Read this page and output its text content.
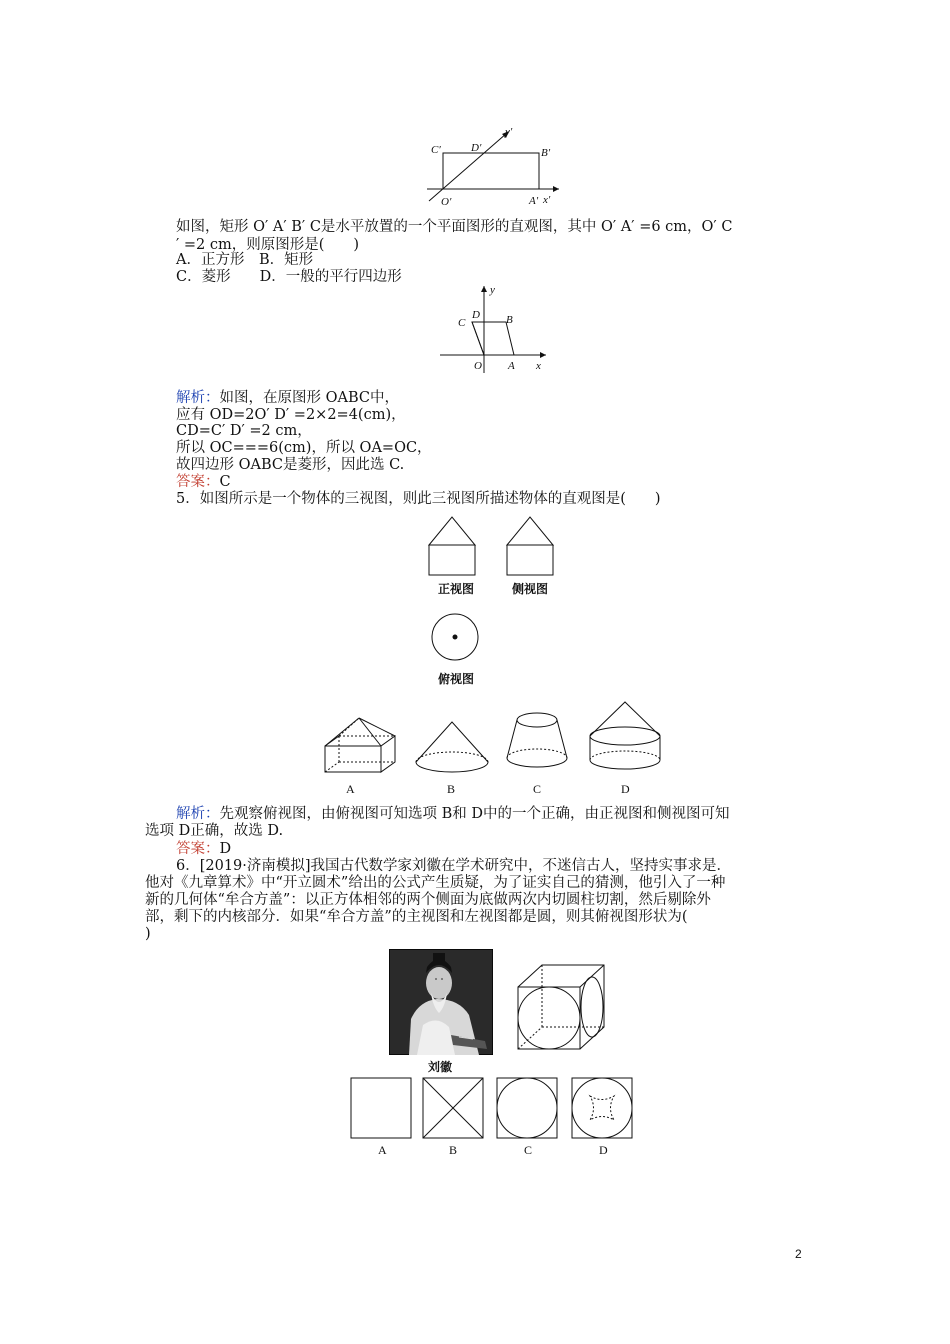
C′	D′	B′
O′	A′ x′
y′
如图，矩形 O′ A′ B′ C是水平放置的一个平面图形的直观图，其中 O′ A′ =6 cm，O′ C
′ =2 cm，则原图形是(　　)
A．正方形　B．矩形
C．菱形　　D．一般的平行四边形
C
D B
O A x
y
解析：如图，在原图形 OABC中，
应有 OD=2O′ D′ =2×2=4(cm)，
CD=C′ D′ =2 cm，
所以 OC===6(cm)，所以 OA=OC，
故四边形 OABC是菱形，因此选 C.
答案：C
5．如图所示是一个物体的三视图，则此三视图所描述物体的直观图是(　　)
正视图	侧视图
俯视图
A	B	C	D
解析：先观察俯视图，由俯视图可知选项 B和 D中的一个正确，由正视图和侧视图可知
选项 D正确，故选 D.
答案：D
6．[2019·济南模拟]我国古代数学家刘徽在学术研究中，不迷信古人，坚持实事求是．
他对《九章算术》中“开立圆术”给出的公式产生质疑，为了证实自己的猜测，他引入了一种
新的几何体“牟合方盖”：以正方体相邻的两个侧面为底做两次内切圆柱切割，然后剔除外
部，剩下的内核部分．如果“牟合方盖”的主视图和左视图都是圆，则其俯视图形状为(
)
刘徽
A	B	C	D
2
